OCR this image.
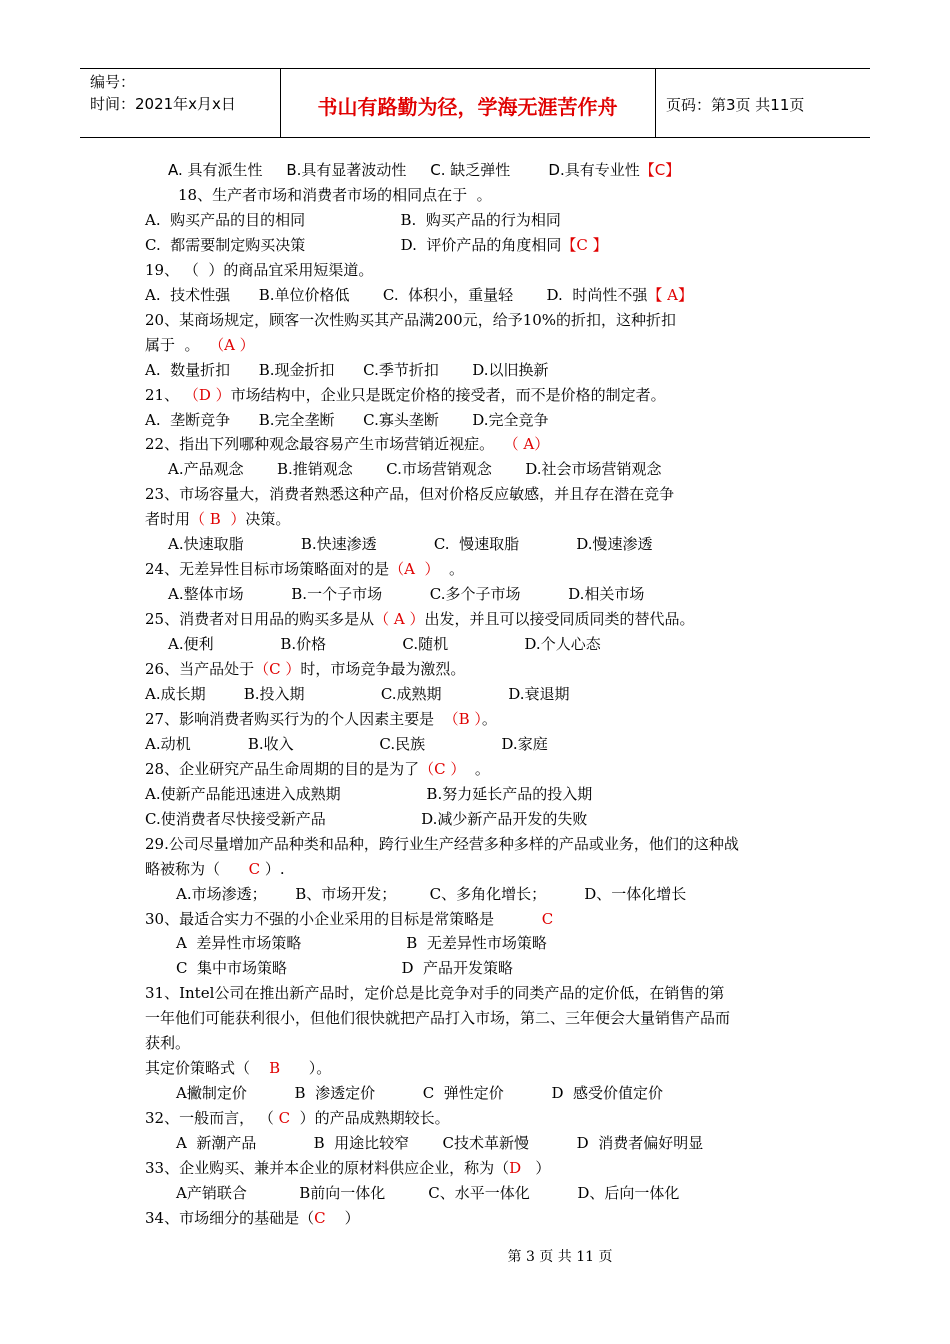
编号：
时间：2021年x月x日	书山有路勤为径，学海无涯苦作舟	页码：第3页 共11页
A. 具有派生性     B.具有显著波动性     C. 缺乏弹性        D.具有专业性【C】
18、生产者市场和消费者市场的相同点在于  。
A.  购买产品的目的相同                    B.  购买产品的行为相同
C.  都需要制定购买决策                    D.  评价产品的角度相同【C 】
19、 （  ）的商品宜采用短渠道。
A.  技术性强      B.单位价格低       C.  体积小，重量轻       D.  时尚性不强【 A】
20、某商场规定，顾客一次性购买其产品满200元，给予10%的折扣，这种折扣
属于  。  （A ）
A.  数量折扣      B.现金折扣      C.季节折扣       D.以旧换新
21、 （D ）市场结构中，企业只是既定价格的接受者，而不是价格的制定者。
A.  垄断竞争      B.完全垄断      C.寡头垄断       D.完全竞争
22、指出下列哪种观念最容易产生市场营销近视症。  （ A）
A.产品观念       B.推销观念       C.市场营销观念       D.社会市场营销观念
23、市场容量大，消费者熟悉这种产品，但对价格反应敏感，并且存在潜在竞争
者时用（ B  ）决策。
A.快速取脂            B.快速渗透            C.  慢速取脂            D.慢速渗透
24、无差异性目标市场策略面对的是（A  ）  。
A.整体市场          B.一个子市场          C.多个子市场          D.相关市场
25、消费者对日用品的购买多是从（ A ）出发，并且可以接受同质同类的替代品。
A.便利              B.价格                C.随机                D.个人心态
26、当产品处于（C ）时，市场竞争最为激烈。
A.成长期        B.投入期                C.成熟期              D.衰退期
27、影响消费者购买行为的个人因素主要是  （B ）。
A.动机            B.收入                  C.民族                D.家庭
28、企业研究产品生命周期的目的是为了（C ）  。
A.使新产品能迅速进入成熟期                  B.努力延长产品的投入期
C.使消费者尽快接受新产品                    D.减少新产品开发的失败
29.公司尽量增加产品种类和品种，跨行业生产经营多种多样的产品或业务，他们的这种战
略被称为（      C ）.
A.市场渗透；      B、市场开发；       C、多角化增长；        D、一体化增长
30、最适合实力不强的小企业采用的目标是常策略是          C
A  差异性市场策略                      B  无差异性市场策略
C  集中市场策略                        D  产品开发策略
31、Intel公司在推出新产品时，定价总是比竞争对手的同类产品的定价低，在销售的第
一年他们可能获利很小，但他们很快就把产品打入市场，第二、三年便会大量销售产品而
获利。
其定价策略式（    B      ）。
A撇制定价          B  渗透定价          C  弹性定价          D  感受价值定价
32、一般而言， （ C  ）的产品成熟期较长。
A  新潮产品            B  用途比较窄       C技术革新慢          D  消费者偏好明显
33、企业购买、兼并本企业的原材料供应企业，称为（D   ）
A产销联合           B前向一体化         C、水平一体化          D、后向一体化
34、市场细分的基础是（C    ）
第 3 页 共 11 页
